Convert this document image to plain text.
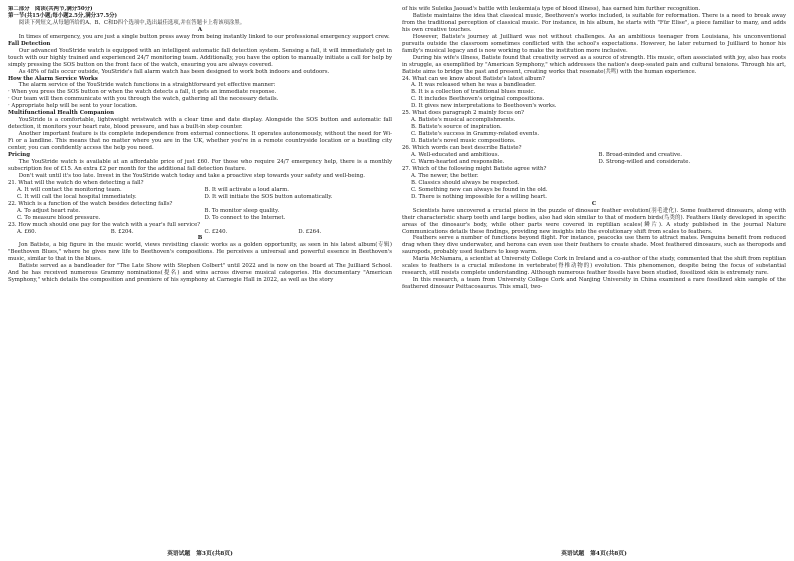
第二部分　阅读(共两节,满分50分)

第一节(共15小题;每小题2.5分,满分37.5分)

阅读下列短文,从每题所给的A、B、C和D四个选项中,选出最佳选项,并在答题卡上将该项涂黑。

A

In times of emergency, you are just a single button press away from being instantly linked to our professional emergency support crew.

Fall Detection

Our advanced YouStride watch is equipped with an intelligent automatic fall detection system. Sensing a fall, it will immediately get in touch with our highly trained and experienced 24/7 monitoring team. Additionally, you have the option to manually initiate a call for help by simply pressing the SOS button on the front face of the watch, ensuring you are always covered.

As 48% of falls occur outside, YouStride's fall alarm watch has been designed to work both indoors and outdoors.

How the Alarm Service Works

The alarm service of the YouStride watch functions in a straightforward yet effective manner:

· When you press the SOS button or when the watch detects a fall, it gets an immediate response.

· Our team will then communicate with you through the watch, gathering all the necessary details.

· Appropriate help will be sent to your location.

Multifunctional Health Companion

YouStride is a comfortable, lightweight wristwatch with a clear time and date display. Alongside the SOS button and automatic fall detection, it monitors your heart rate, blood pressure, and has a built-in step counter.

Another important feature is its complete independence from external connections. It operates autonomously, without the need for Wi-Fi or a landline. This means that no matter where you are in the UK, whether you're in a remote countryside location or a bustling city center, you can confidently access the help you need.

Pricing

The YouStride watch is available at an affordable price of just £60. For those who require 24/7 emergency help, there is a monthly subscription fee of £15. An extra £2 per month for the additional fall detection feature.

Don't wait until it's too late. Invest in the YouStride watch today and take a proactive step towards your safety and well-being.

21. What will the watch do when detecting a fall?

A. It will contact the monitoring team.	B. It will activate a loud alarm.
C. It will call the local hospital immediately.	D. It will initiate the SOS button automatically.

22. Which is a function of the watch besides detecting falls?

A. To adjust heart rate.	B. To monitor sleep quality.
C. To measure blood pressure.	D. To connect to the Internet.

23. How much should one pay for the watch with a year's full service?

A. £60.	B. £204.	C. £240.	D. £264.

B

Jon Batiste, a big figure in the music world, views revisiting classic works as a golden opportunity, as seen in his latest album(专辑) "Beethoven Blues," where he gives new life to Beethoven's compositions. He perceives a universal and powerful essence in Beethoven's music, similar to that in the blues.

Batiste served as a bandleader for "The Late Show with Stephen Colbert" until 2022 and is now on the board at The Juilliard School. And he has received numerous Grammy nominations(提名) and wins across diverse musical categories. His documentary "American Symphony," which details the composition and premiere of his symphony at Carnegie Hall in 2022, as well as the story

of his wife Suleika Jaouad's battle with leukemia(a type of blood illness), has earned him further recognition.

Batiste maintains the idea that classical music, Beethoven's works included, is suitable for reformation. There is a need to break away from the traditional perception of classical music. For instance, in his album, he starts with "Für Elise", a piece familiar to many, and adds his own creative touches.

However, Batiste's journey at Juilliard was not without challenges. As an ambitious teenager from Louisiana, his unconventional pursuits outside the classroom sometimes conflicted with the school's expectations. However, he later returned to Juilliard to honor his family's musical legacy and is now working to make the institution more inclusive.

During his wife's illness, Batiste found that creativity served as a source of strength. His music, often associated with joy, also has roots in struggle, as exemplified by "American Symphony," which addresses the nation's deep-seated pain and cultural tensions. Through his art, Batiste aims to bridge the past and present, creating works that resonate(共鸣) with the human experience.

24. What can we know about Batiste's latest album?

A. It was released when he was a bandleader.

B. It is a collection of traditional blues music.

C. It includes Beethoven's original compositions.

D. It gives new interpretations to Beethoven's works.

25. What does paragraph 2 mainly focus on?

A. Batiste's musical accomplishments.

B. Batiste's source of inspiration.

C. Batiste's success in Grammy-related events.

D. Batiste's novel music compositions.

26. Which words can best describe Batiste?

A. Well-educated and ambitious.	B. Broad-minded and creative.
C. Warm-hearted and responsible.	D. Strong-willed and considerate.

27. Which of the following might Batiste agree with?

A. The newer, the better.

B. Classics should always be respected.

C. Something new can always be found in the old.

D. There is nothing impossible for a willing heart.

C

Scientists have uncovered a crucial piece in the puzzle of dinosaur feather evolution(羽毛进化). Some feathered dinosaurs, along with their characteristic sharp teeth and large bodies, also had skin similar to that of modern birds(鸟类的). Feathers likely developed in specific areas of the dinosaur's body, while other parts were covered in reptilian scales(鳞片). A study published in the journal Nature Communications details these findings, providing new insights into the evolutionary shift from scales to feathers.

Feathers serve a number of functions beyond flight. For instance, peacocks use them to attract mates. Penguins benefit from reduced drag when they dive underwater, and herons can even use their feathers to create shade. Most feathered dinosaurs, such as theropods and sauropods, probably used feathers to keep warm.

Maria McNamara, a scientist at University College Cork in Ireland and a co-author of the study, commented that the shift from reptilian scales to feathers is a crucial milestone in vertebrate(脊椎动物的) evolution. This phenomenon, despite being the focus of substantial research, still resists complete understanding. Although numerous feather fossils have been studied, fossilized skin is extremely rare.

In this research, a team from University College Cork and Nanjing University in China examined a rare fossilized skin sample of the feathered dinosaur Psittacosaurus. This small, two-

英语试题　第3页(共8页)	英语试题　第4页(共8页)
